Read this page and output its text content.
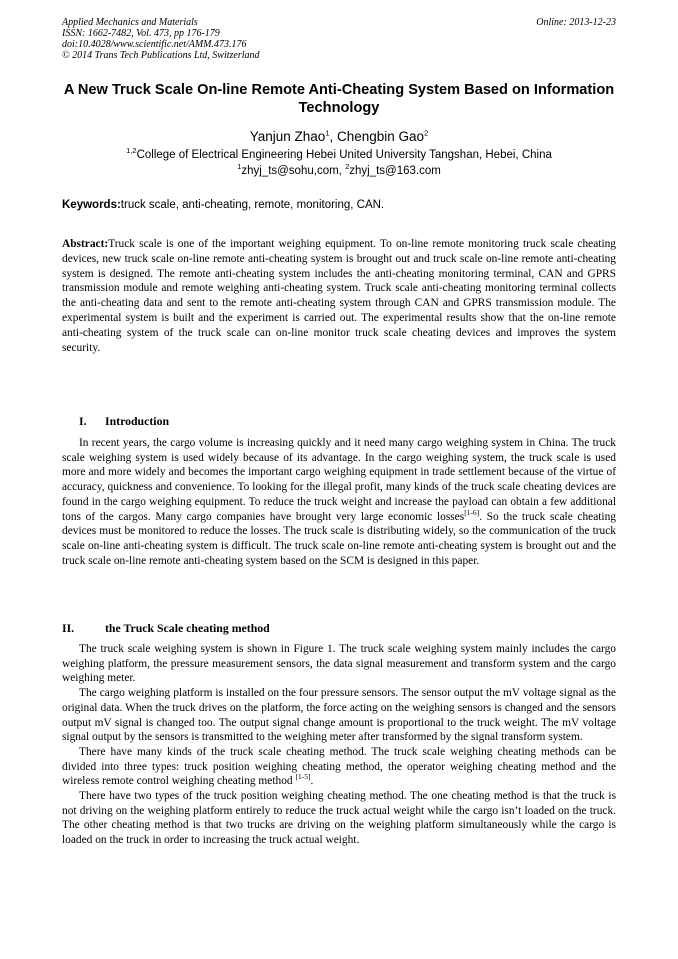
Applied Mechanics and Materials
ISSN: 1662-7482, Vol. 473, pp 176-179
doi:10.4028/www.scientific.net/AMM.473.176
© 2014 Trans Tech Publications Ltd, Switzerland
Online: 2013-12-23
A New Truck Scale On-line Remote Anti-Cheating System Based on Information Technology
Yanjun Zhao$^1$, Chengbin Gao$^2$
$^{1,2}$College of Electrical Engineering Hebei United University Tangshan, Hebei, China
$^1$zhyj_ts@sohu,com, $^2$zhyj_ts@163.com
Keywords:truck scale, anti-cheating, remote, monitoring, CAN.
Abstract:Truck scale is one of the important weighing equipment. To on-line remote monitoring truck scale cheating devices, new truck scale on-line remote anti-cheating system is brought out and truck scale on-line remote anti-cheating system is designed. The remote anti-cheating system includes the anti-cheating monitoring terminal, CAN and GPRS transmission module and remote weighing anti-cheating system. Truck scale anti-cheating monitoring terminal collects the anti-cheating data and sent to the remote anti-cheating system through CAN and GPRS transmission module. The experimental system is built and the experiment is carried out. The experimental results show that the on-line remote anti-cheating system of the truck scale can on-line monitor truck scale cheating devices and improves the system security.
I. Introduction

In recent years, the cargo volume is increasing quickly and it need many cargo weighing system in China. The truck scale weighing system is used widely because of its advantage. In the cargo weighing system, the truck scale is used more and more widely and becomes the important cargo weighing equipment in trade settlement because of the virtue of accuracy, quickness and convenience. To looking for the illegal profit, many kinds of the truck scale cheating devices are found in the cargo weighing equipment. To reduce the truck weight and increase the payload can obtain a few additional tons of the cargos. Many cargo companies have brought very large economic losses[1-6]. So the truck scale cheating devices must be monitored to reduce the losses. The truck scale is distributing widely, so the communication of the truck scale on-line anti-cheating system is difficult. The truck scale on-line remote anti-cheating system is brought out and the truck scale on-line remote anti-cheating system based on the SCM is designed in this paper.

II.	the Truck Scale cheating method

The truck scale weighing system is shown in Figure 1. The truck scale weighing system mainly includes the cargo weighing platform, the pressure measurement sensors, the data signal measurement and transform system and the cargo weighing meter.

The cargo weighing platform is installed on the four pressure sensors. The sensor output the mV voltage signal as the original data. When the truck drives on the platform, the force acting on the weighing sensors is changed and the sensors output mV signal is changed too. The output signal change amount is proportional to the truck weight. The mV voltage signal output by the sensors is transmitted to the weighing meter after transformed by the signal transform system.

There have many kinds of the truck scale cheating method. The truck scale weighing cheating methods can be divided into three types: truck position weighing cheating method, the operator weighing cheating method and the wireless remote control weighing cheating method [1-5].

There have two types of the truck position weighing cheating method. The one cheating method is that the truck is not driving on the weighing platform entirely to reduce the truck actual weight while the cargo isn’t loaded on the truck. The other cheating method is that two trucks are driving on the weighing platform simultaneously while the cargo is loaded on the truck in order to increasing the truck actual weight.
